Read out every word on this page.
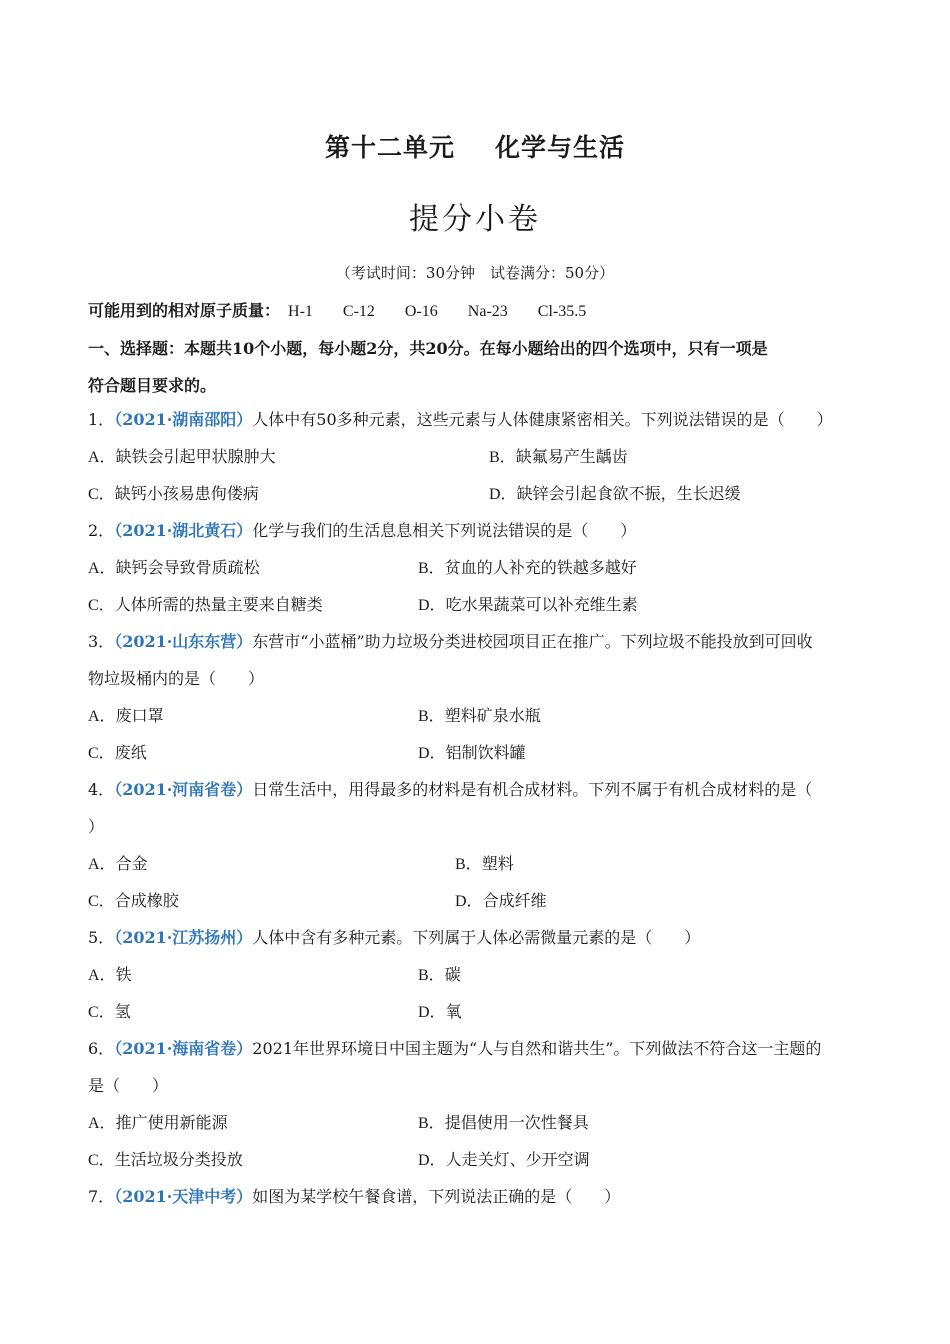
第十二单元 化学与生活
提分小卷
（考试时间：30分钟　试卷满分：50分）
可能用到的相对原子质量： H-1 C-12 O-16 Na-23 Cl-35.5
一、选择题：本题共10个小题，每小题2分，共20分。在每小题给出的四个选项中，只有一项是
符合题目要求的。
1．（2021·湖南邵阳）人体中有50多种元素，这些元素与人体健康紧密相关。下列说法错误的是（　　）
A．缺铁会引起甲状腺肿大	B．缺氟易产生龋齿
C．缺钙小孩易患佝偻病	D．缺锌会引起食欲不振，生长迟缓
2．（2021·湖北黄石）化学与我们的生活息息相关下列说法错误的是（　　）
A．缺钙会导致骨质疏松	B．贫血的人补充的铁越多越好
C．人体所需的热量主要来自糖类	D．吃水果蔬菜可以补充维生素
3．（2021·山东东营）东营市“小蓝桶”助力垃圾分类进校园项目正在推广。下列垃圾不能投放到可回收
物垃圾桶内的是（　　）
A．废口罩	B．塑料矿泉水瓶
C．废纸	D．铝制饮料罐
4．（2021·河南省卷）日常生活中，用得最多的材料是有机合成材料。下列不属于有机合成材料的是（
）
A．合金	B．塑料
C．合成橡胶	D．合成纤维
5．（2021·江苏扬州）人体中含有多种元素。下列属于人体必需微量元素的是（　　）
A．铁	B．碳
C．氢	D．氧
6．（2021·海南省卷）2021年世界环境日中国主题为“人与自然和谐共生”。下列做法不符合这一主题的
是（　　）
A．推广使用新能源	B．提倡使用一次性餐具
C．生活垃圾分类投放	D．人走关灯、少开空调
7．（2021·天津中考）如图为某学校午餐食谱，下列说法正确的是（　　）
